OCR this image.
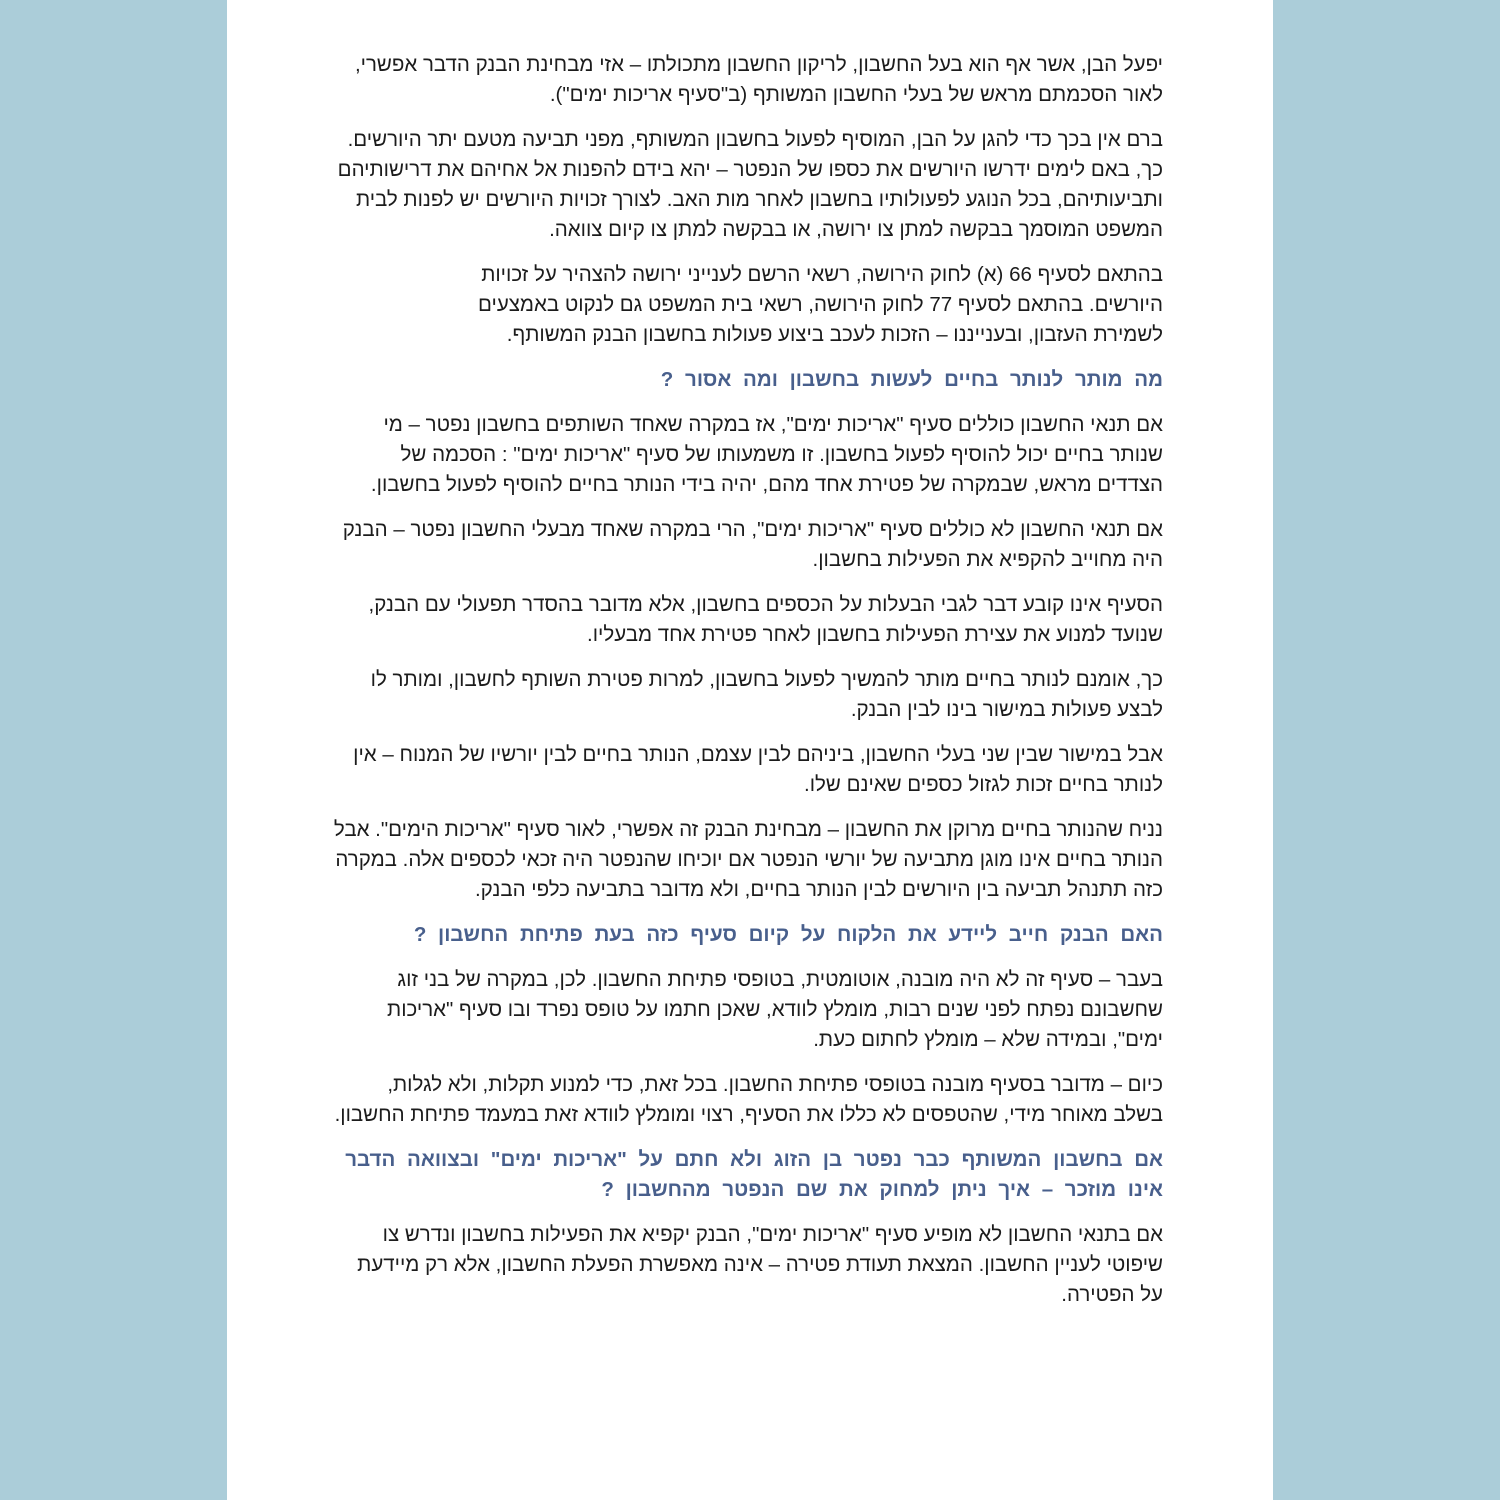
יפעל הבן, אשר אף הוא בעל החשבון, לריקון החשבון מתכולתו – אזי מבחינת הבנק הדבר אפשרי, לאור הסכמתם מראש של בעלי החשבון המשותף (ב"סעיף אריכות ימים").

ברם אין בכך כדי להגן על הבן, המוסיף לפעול בחשבון המשותף, מפני תביעה מטעם יתר היורשים. כך, באם לימים ידרשו היורשים את כספו של הנפטר – יהא בידם להפנות אל אחיהם את דרישותיהם ותביעותיהם, בכל הנוגע לפעולותיו בחשבון לאחר מות האב. לצורך זכויות היורשים יש לפנות לבית המשפט המוסמך בבקשה למתן צו ירושה, או בבקשה למתן צו קיום צוואה.

בהתאם לסעיף 66 (א) לחוק הירושה, רשאי הרשם לענייני ירושה להצהיר על זכויות היורשים. בהתאם לסעיף 77 לחוק הירושה, רשאי בית המשפט גם לנקוט באמצעים לשמירת העזבון, ובענייננו – הזכות לעכב ביצוע פעולות בחשבון הבנק המשותף.

מה מותר לנותר בחיים לעשות בחשבון ומה אסור ?

אם תנאי החשבון כוללים סעיף "אריכות ימים", אז במקרה שאחד השותפים בחשבון נפטר – מי שנותר בחיים יכול להוסיף לפעול בחשבון. זו משמעותו של סעיף "אריכות ימים" : הסכמה של הצדדים מראש, שבמקרה של פטירת אחד מהם, יהיה בידי הנותר בחיים להוסיף לפעול בחשבון.

אם תנאי החשבון לא כוללים סעיף "אריכות ימים", הרי במקרה שאחד מבעלי החשבון נפטר – הבנק היה מחוייב להקפיא את הפעילות בחשבון.

הסעיף אינו קובע דבר לגבי הבעלות על הכספים בחשבון, אלא מדובר בהסדר תפעולי עם הבנק, שנועד למנוע את עצירת הפעילות בחשבון לאחר פטירת אחד מבעליו.

כך, אומנם לנותר בחיים מותר להמשיך לפעול בחשבון, למרות פטירת השותף לחשבון, ומותר לו לבצע פעולות במישור בינו לבין הבנק.

אבל במישור שבין שני בעלי החשבון, ביניהם לבין עצמם, הנותר בחיים לבין יורשיו של המנוח – אין לנותר בחיים זכות לגזול כספים שאינם שלו.

נניח שהנותר בחיים מרוקן את החשבון – מבחינת הבנק זה אפשרי, לאור סעיף "אריכות הימים". אבל הנותר בחיים אינו מוגן מתביעה של יורשי הנפטר אם יוכיחו שהנפטר היה זכאי לכספים אלה. במקרה כזה תתנהל תביעה בין היורשים לבין הנותר בחיים, ולא מדובר בתביעה כלפי הבנק.

האם הבנק חייב ליידע את הלקוח על קיום סעיף כזה בעת פתיחת החשבון ?

בעבר – סעיף זה לא היה מובנה, אוטומטית, בטופסי פתיחת החשבון. לכן, במקרה של בני זוג שחשבונם נפתח לפני שנים רבות, מומלץ לוודא, שאכן חתמו על טופס נפרד ובו סעיף "אריכות ימים", ובמידה שלא – מומלץ לחתום כעת.

כיום – מדובר בסעיף מובנה בטופסי פתיחת החשבון. בכל זאת, כדי למנוע תקלות, ולא לגלות, בשלב מאוחר מידי, שהטפסים לא כללו את הסעיף, רצוי ומומלץ לוודא זאת במעמד פתיחת החשבון.

אם בחשבון המשותף כבר נפטר בן הזוג ולא חתם על "אריכות ימים" ובצוואה הדבר אינו מוזכר – איך ניתן למחוק את שם הנפטר מהחשבון ?

אם בתנאי החשבון לא מופיע סעיף "אריכות ימים", הבנק יקפיא את הפעילות בחשבון ונדרש צו שיפוטי לעניין החשבון. המצאת תעודת פטירה – אינה מאפשרת הפעלת החשבון, אלא רק מיידעת על הפטירה.
